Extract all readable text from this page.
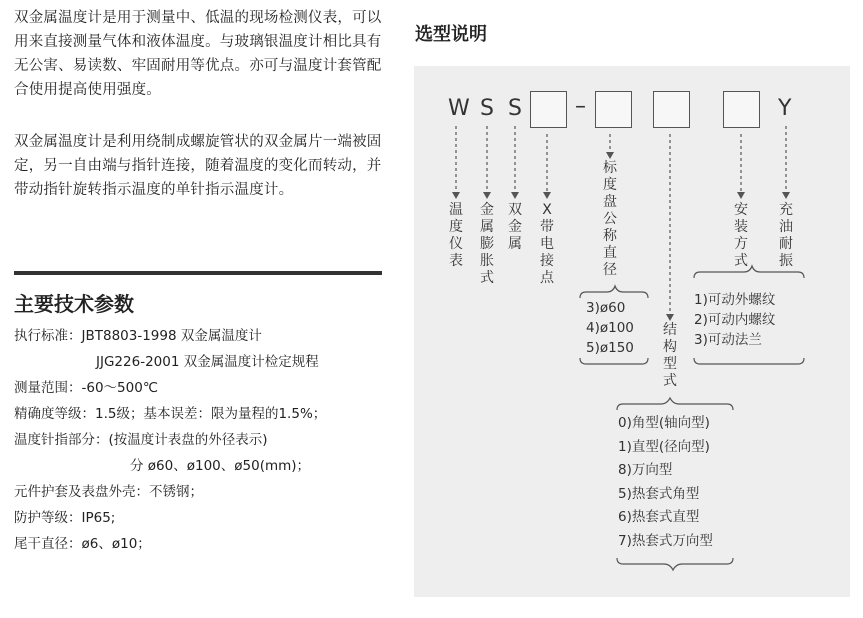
双金属温度计是用于测量中、低温的现场检测仪表，可以用来直接测量气体和液体温度。与玻璃银温度计相比具有无公害、易读数、牢固耐用等优点。亦可与温度计套管配合使用提高使用强度。

双金属温度计是利用绕制成螺旋管状的双金属片一端被固定，另一自由端与指针连接，随着温度的变化而转动，并带动指针旋转指示温度的单针指示温度计。

主要技术参数
执行标准：JBT8803-1998 双金属温度计
JJG226-2001 双金属温度计检定规程
测量范围：-60～500℃
精确度等级：1.5级；基本误差：限为量程的1.5%；
温度针指部分：(按温度计表盘的外径表示)
分 ø60、ø100、ø50(mm)；
元件护套及表盘外壳：不锈钢；
防护等级：IP65;
尾干直径：ø6、ø10；
选型说明
W S S –	Y
温度仪表
金属膨胀式
双金属
X带电接点
标度盘公称直径
结构型式
安装方式
充油耐振
3)ø60
4)ø100
5)ø150
1)可动外螺纹
2)可动内螺纹
3)可动法兰
0)角型(轴向型)
1)直型(径向型)
8)万向型
5)热套式角型
6)热套式直型
7)热套式万向型
